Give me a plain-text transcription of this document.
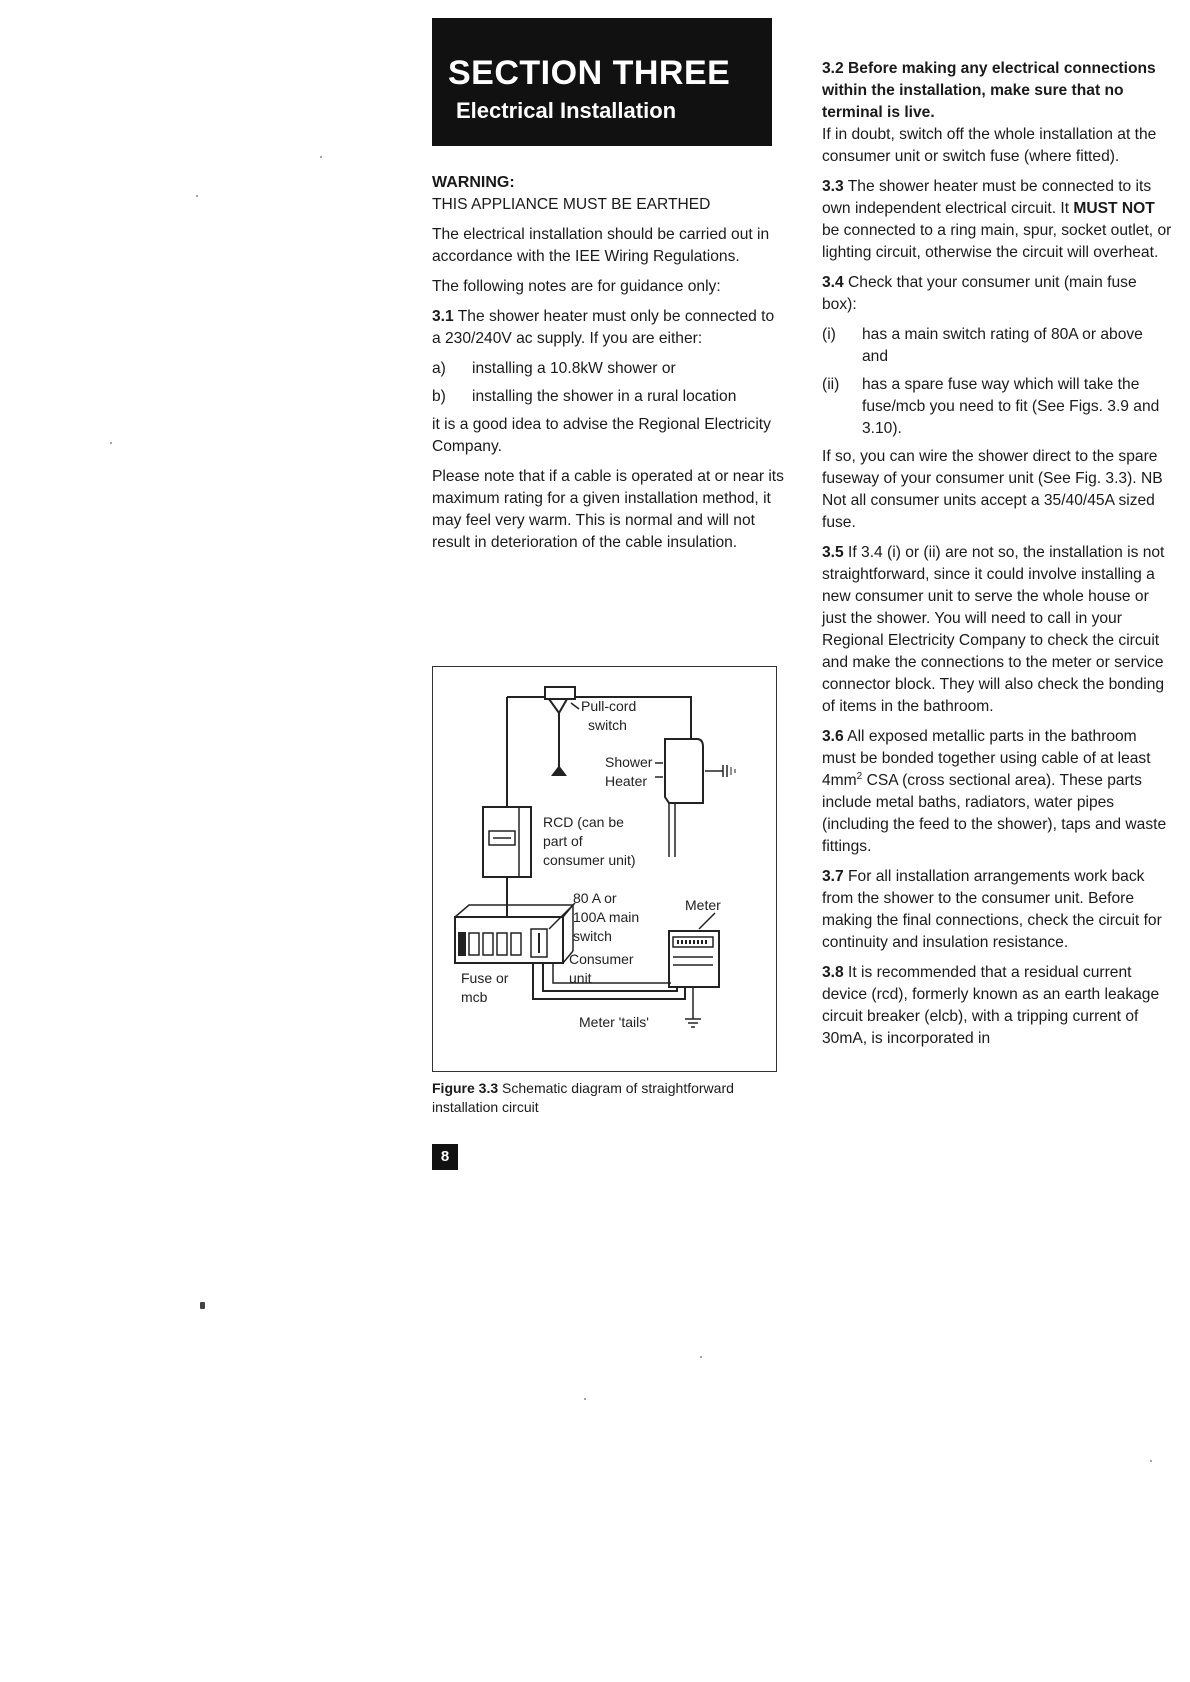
SECTION THREE
Electrical Installation

WARNING:

THIS APPLIANCE MUST BE EARTHED

The electrical installation should be carried out in accordance with the IEE Wiring Regulations.

The following notes are for guidance only:

3.1 The shower heater must only be connected to a 230/240V ac supply. If you are either:

a)	installing a 10.8kW shower or
b)	installing the shower in a rural location

it is a good idea to advise the Regional Electricity Company.

Please note that if a cable is operated at or near its maximum rating for a given installation method, it may feel very warm. This is normal and will not result in deterioration of the cable insulation.

Pull-cord
switch
Shower
Heater
RCD (can be
part of
consumer unit)
80 A or
100A main
switch
Meter
Consumer
unit
Fuse or
mcb
Meter 'tails'
Figure 3.3 Schematic diagram of straightforward installation circuit
8

3.2 Before making any electrical connections within the installation, make sure that no terminal is live.
If in doubt, switch off the whole installation at the consumer unit or switch fuse (where fitted).

3.3 The shower heater must be connected to its own independent electrical circuit. It MUST NOT be connected to a ring main, spur, socket outlet, or lighting circuit, otherwise the circuit will overheat.

3.4 Check that your consumer unit (main fuse box):

(i)	has a main switch rating of 80A or above and
(ii)	has a spare fuse way which will take the fuse/mcb you need to fit (See Figs. 3.9 and 3.10).

If so, you can wire the shower direct to the spare fuseway of your consumer unit (See Fig. 3.3). NB Not all consumer units accept a 35/40/45A sized fuse.

3.5 If 3.4 (i) or (ii) are not so, the installation is not straightforward, since it could involve installing a new consumer unit to serve the whole house or just the shower. You will need to call in your Regional Electricity Company to check the circuit and make the connections to the meter or service connector block. They will also check the bonding of items in the bathroom.

3.6 All exposed metallic parts in the bathroom must be bonded together using cable of at least $4mm^2$ CSA (cross sectional area). These parts include metal baths, radiators, water pipes (including the feed to the shower), taps and waste fittings.

3.7 For all installation arrangements work back from the shower to the consumer unit. Before making the final connections, check the circuit for continuity and insulation resistance.

3.8 It is recommended that a residual current device (rcd), formerly known as an earth leakage circuit breaker (elcb), with a tripping current of 30mA, is incorporated in
